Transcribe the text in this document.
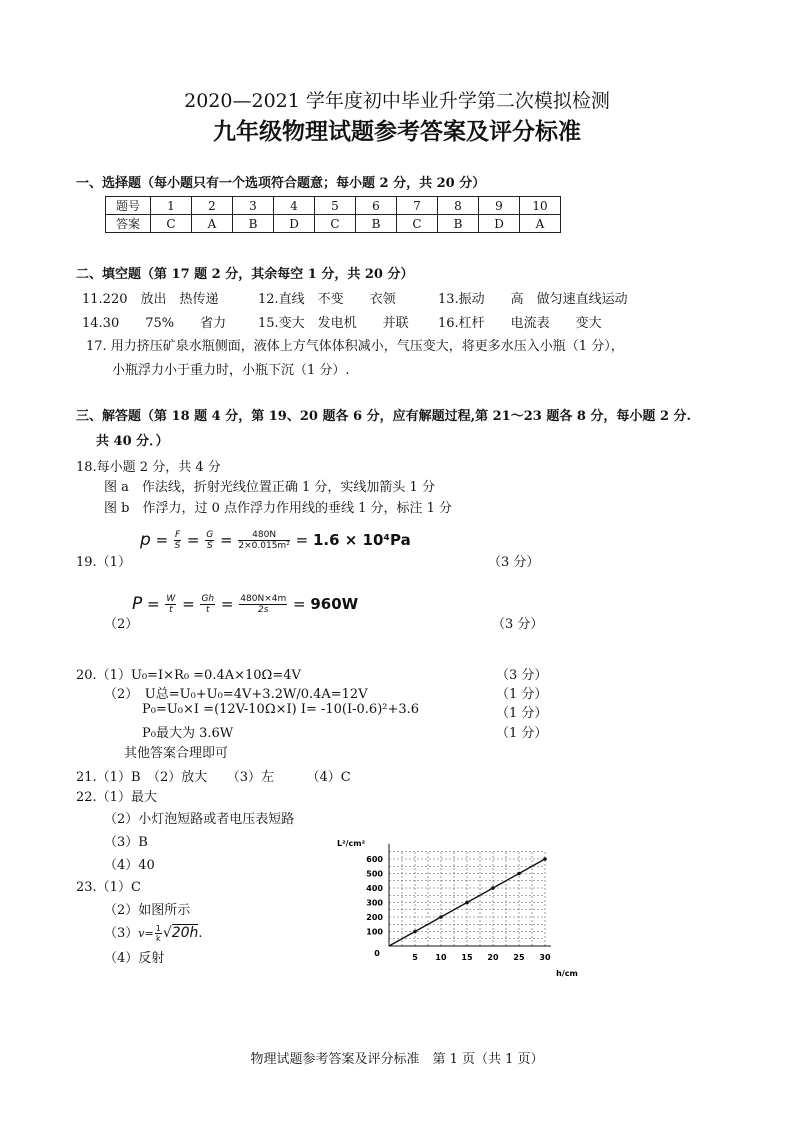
2020—2021 学年度初中毕业升学第二次模拟检测
九年级物理试题参考答案及评分标准
一、选择题（每小题只有一个选项符合题意；每小题 2 分，共 20 分）
题号	1	2	3	4	5	6	7	8	9	10
答案	C	A	B	D	C	B	C	B	D	A
二、填空题（第 17 题 2 分，其余每空 1 分，共 20 分）
11.220　放出　热传递	12.直线　不变　　衣领	13.振动　　高　做匀速直线运动
14.30　　75%　　省力 15.变大　发电机　　并联 16.杠杆　　电流表　　变大
17. 用力挤压矿泉水瓶侧面，液体上方气体体积减小，气压变大，将更多水压入小瓶（1 分），
小瓶浮力小于重力时，小瓶下沉（1 分）.
三、解答题（第 18 题 4 分，第 19、20 题各 6 分，应有解题过程,第 21～23 题各 8 分，每小题 2 分.
共 40 分．）
18.每小题 2 分，共 4 分
图 a　作法线，折射光线位置正确 1 分，实线加箭头 1 分
图 b　作浮力，过 0 点作浮力作用线的垂线 1 分，标注 1 分
19.（1）
$p = \frac{F}{S} = \frac{G}{S} = \frac{480N}{\text{2×0.015m²}} = 1.6 \times 10^4Pa$
（3 分）
（2）
$P = \frac{W}{t} = \frac{Gh}{t} = \frac{480N\times 4m}{2s} = 960W$
（3 分）
20.（1）U₀=I×R₀ =0.4A×10Ω=4V	（3 分）
（2）　U总=U₀+U₀=4V+3.2W/0.4A=12V	（1 分）
P₀=U₀×I =(12V-10Ω×I) I= -10(I-0.6)²+3.6	（1 分）
P₀最大为 3.6W	（1 分）
其他答案合理即可
21.（1）B　（2）放大　　（3）左　　　（4）C
22.（1）最大
（2）小灯泡短路或者电压表短路
（3）B
（4）40
23.（1）C
（2）如图所示
$(3)v= \frac{1}{k} √20h$.
（4）反射
L²/cm²
h/cm
0
100
200
300
400
500
600
5 10 15 20 25 30
物理试题参考答案及评分标准　第 1 页（共 1 页）
